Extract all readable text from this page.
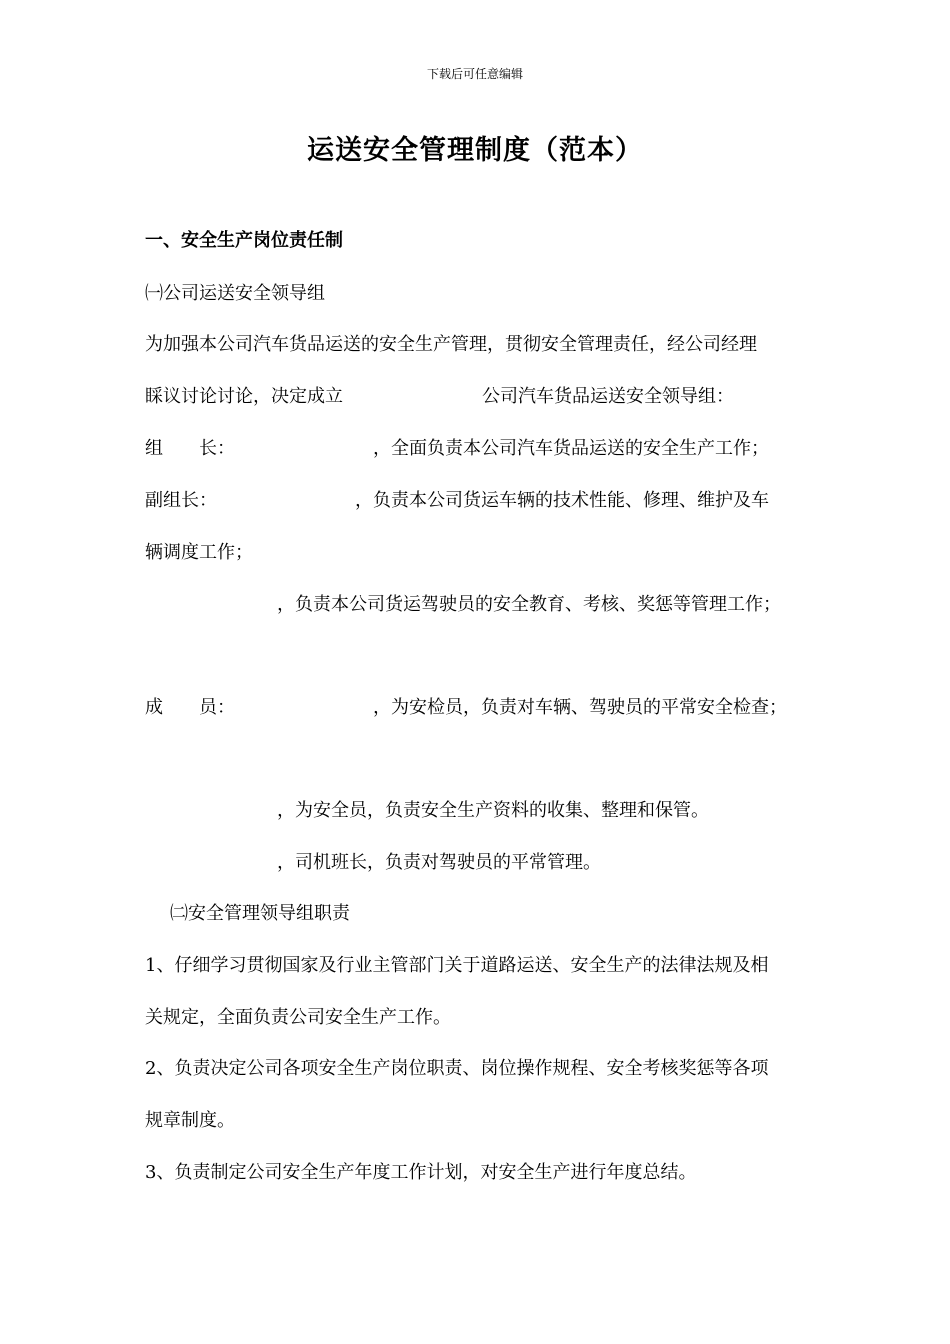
下载后可任意编辑
运送安全管理制度（范本）
一、安全生产岗位责任制
㈠公司运送安全领导组
为加强本公司汽车货品运送的安全生产管理，贯彻安全管理责任，经公司经理
睬议讨论讨论，决定成立	公司汽车货品运送安全领导组：
组　　长：	，全面负责本公司汽车货品运送的安全生产工作；
副组长：	，负责本公司货运车辆的技术性能、修理、维护及车
辆调度工作；
，负责本公司货运驾驶员的安全教育、考核、奖惩等管理工作；
成　　员：	，为安检员，负责对车辆、驾驶员的平常安全检查；
，为安全员，负责安全生产资料的收集、整理和保管。
，司机班长，负责对驾驶员的平常管理。
㈡安全管理领导组职责
1、仔细学习贯彻国家及行业主管部门关于道路运送、安全生产的法律法规及相
关规定，全面负责公司安全生产工作。
2、负责决定公司各项安全生产岗位职责、岗位操作规程、安全考核奖惩等各项
规章制度。
3、负责制定公司安全生产年度工作计划，对安全生产进行年度总结。
